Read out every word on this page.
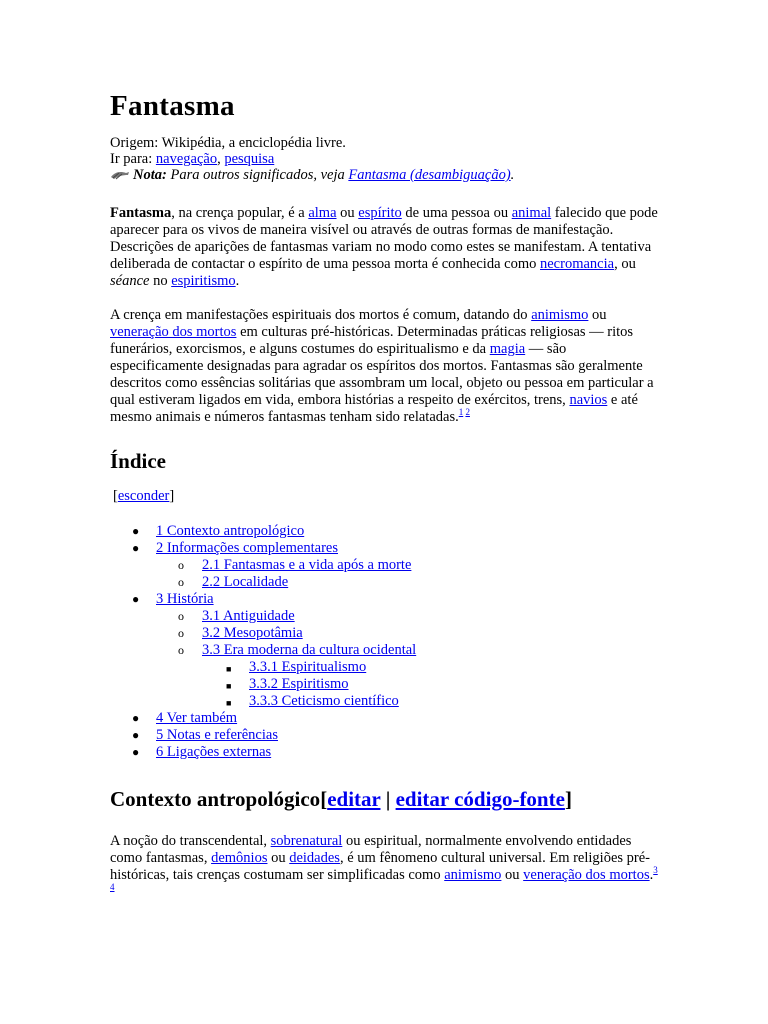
Fantasma
Origem: Wikipédia, a enciclopédia livre.
Ir para: navegação, pesquisa
Nota: Para outros significados, veja Fantasma (desambiguação).

Fantasma, na crença popular, é a alma ou espírito de uma pessoa ou animal falecido que pode aparecer para os vivos de maneira visível ou através de outras formas de manifestação. Descrições de aparições de fantasmas variam no modo como estes se manifestam. A tentativa deliberada de contactar o espírito de uma pessoa morta é conhecida como necromancia, ou séance no espiritismo.

A crença em manifestações espirituais dos mortos é comum, datando do animismo ou veneração dos mortos em culturas pré-históricas. Determinadas práticas religiosas — ritos funerários, exorcismos, e alguns costumes do espiritualismo e da magia — são especificamente designadas para agradar os espíritos dos mortos. Fantasmas são geralmente descritos como essências solitárias que assombram um local, objeto ou pessoa em particular a qual estiveram ligados em vida, embora histórias a respeito de exércitos, trens, navios e até mesmo animais e números fantasmas tenham sido relatadas.$^{1 2}$

Índice
[esconder]
● 1 Contexto antropológico
● 2 Informações complementares
o 2.1 Fantasmas e a vida após a morte
o 2.2 Localidade
● 3 História
o 3.1 Antiguidade
o 3.2 Mesopotâmia
o 3.3 Era moderna da cultura ocidental
■ 3.3.1 Espiritualismo
■ 3.3.2 Espiritismo
■ 3.3.3 Ceticismo científico
● 4 Ver também
● 5 Notas e referências
● 6 Ligações externas
Contexto antropológico[editar | editar código-fonte]

A noção do transcendental, sobrenatural ou espiritual, normalmente envolvendo entidades como fantasmas, demônios ou deidades, é um fênomeno cultural universal. Em religiões pré-históricas, tais crenças costumam ser simplificadas como animismo ou veneração dos mortos.$^{3 4}$
